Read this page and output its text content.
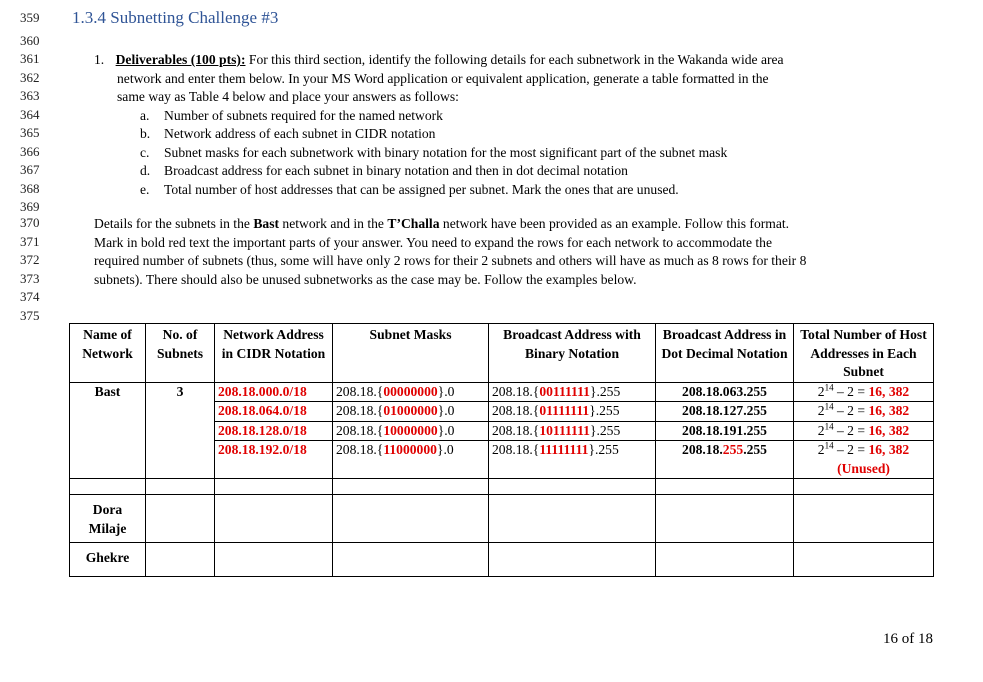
359
360
361
362
363
364
365
366
367
368
369
370
371
372
373
374
375
1.3.4 Subnetting Challenge #3
1. Deliverables (100 pts): For this third section, identify the following details for each subnetwork in the Wakanda wide area
network and enter them below. In your MS Word application or equivalent application, generate a table formatted in the
same way as Table 4 below and place your answers as follows:
a. Number of subnets required for the named network
b. Network address of each subnet in CIDR notation
c. Subnet masks for each subnetwork with binary notation for the most significant part of the subnet mask
d. Broadcast address for each subnet in binary notation and then in dot decimal notation
e. Total number of host addresses that can be assigned per subnet. Mark the ones that are unused.
Details for the subnets in the Bast network and in the T’Challa network have been provided as an example. Follow this format.
Mark in bold red text the important parts of your answer. You need to expand the rows for each network to accommodate the
required number of subnets (thus, some will have only 2 rows for their 2 subnets and others will have as much as 8 rows for their 8
subnets). There should also be unused subnetworks as the case may be. Follow the examples below.
Name of Network	No. of Subnets	Network Address in CIDR Notation	Subnet Masks	Broadcast Address with Binary Notation	Broadcast Address in Dot Decimal Notation	Total Number of Host Addresses in Each Subnet
Bast	3	208.18.000.0/18	208.18.{00000000}.0	208.18.{00111111}.255	208.18.063.255	$2^{14} - 2 = 16$, 382
		208.18.064.0/18	208.18.{01000000}.0	208.18.{01111111}.255	208.18.127.255	$2^{14} - 2 = 16$, 382
		208.18.128.0/18	208.18.{10000000}.0	208.18.{10111111}.255	208.18.191.255	$2^{14} - 2 = 16$, 382
		208.18.192.0/18	208.18.{11000000}.0	208.18.{11111111}.255	208.18.255.255	$2^{14} - 2 = 16$, 382
(Unused)

Dora Milaje						
Ghekre						
16 of 18
